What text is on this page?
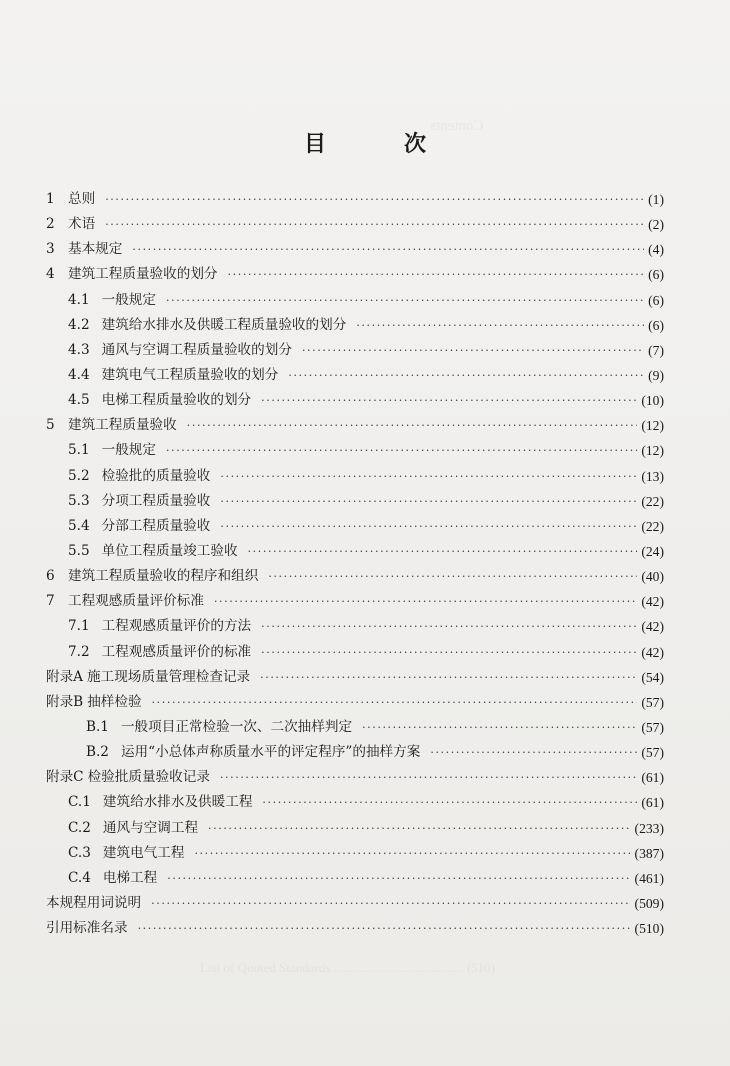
Contents
List of Quoted Standards ........................................ (510)
目　次
1 总则 ·····	(1)
2 术语 ·····	(2)
3 基本规定 ·····	(4)
4 建筑工程质量验收的划分 ·····	(6)
4.1 一般规定 ·····	(6)
4.2 建筑给水排水及供暖工程质量验收的划分 ·····	(6)
4.3 通风与空调工程质量验收的划分 ·····	(7)
4.4 建筑电气工程质量验收的划分 ·····	(9)
4.5 电梯工程质量验收的划分 ·····	(10)
5 建筑工程质量验收 ·····	(12)
5.1 一般规定 ·····	(12)
5.2 检验批的质量验收 ·····	(13)
5.3 分项工程质量验收 ·····	(22)
5.4 分部工程质量验收 ·····	(22)
5.5 单位工程质量竣工验收 ·····	(24)
6 建筑工程质量验收的程序和组织 ·····	(40)
7 工程观感质量评价标准 ·····	(42)
7.1 工程观感质量评价的方法 ·····	(42)
7.2 工程观感质量评价的标准 ·····	(42)
附录A 施工现场质量管理检查记录 ·····	(54)
附录B 抽样检验 ·····	(57)
B.1 一般项目正常检验一次、二次抽样判定 ·····	(57)
B.2 运用“小总体声称质量水平的评定程序”的抽样方案 ·····	(57)
附录C 检验批质量验收记录 ·····	(61)
C.1 建筑给水排水及供暖工程 ·····	(61)
C.2 通风与空调工程 ·····	(233)
C.3 建筑电气工程 ·····	(387)
C.4 电梯工程 ·····	(461)
本规程用词说明 ·····	(509)
引用标准名录 ·····	(510)
